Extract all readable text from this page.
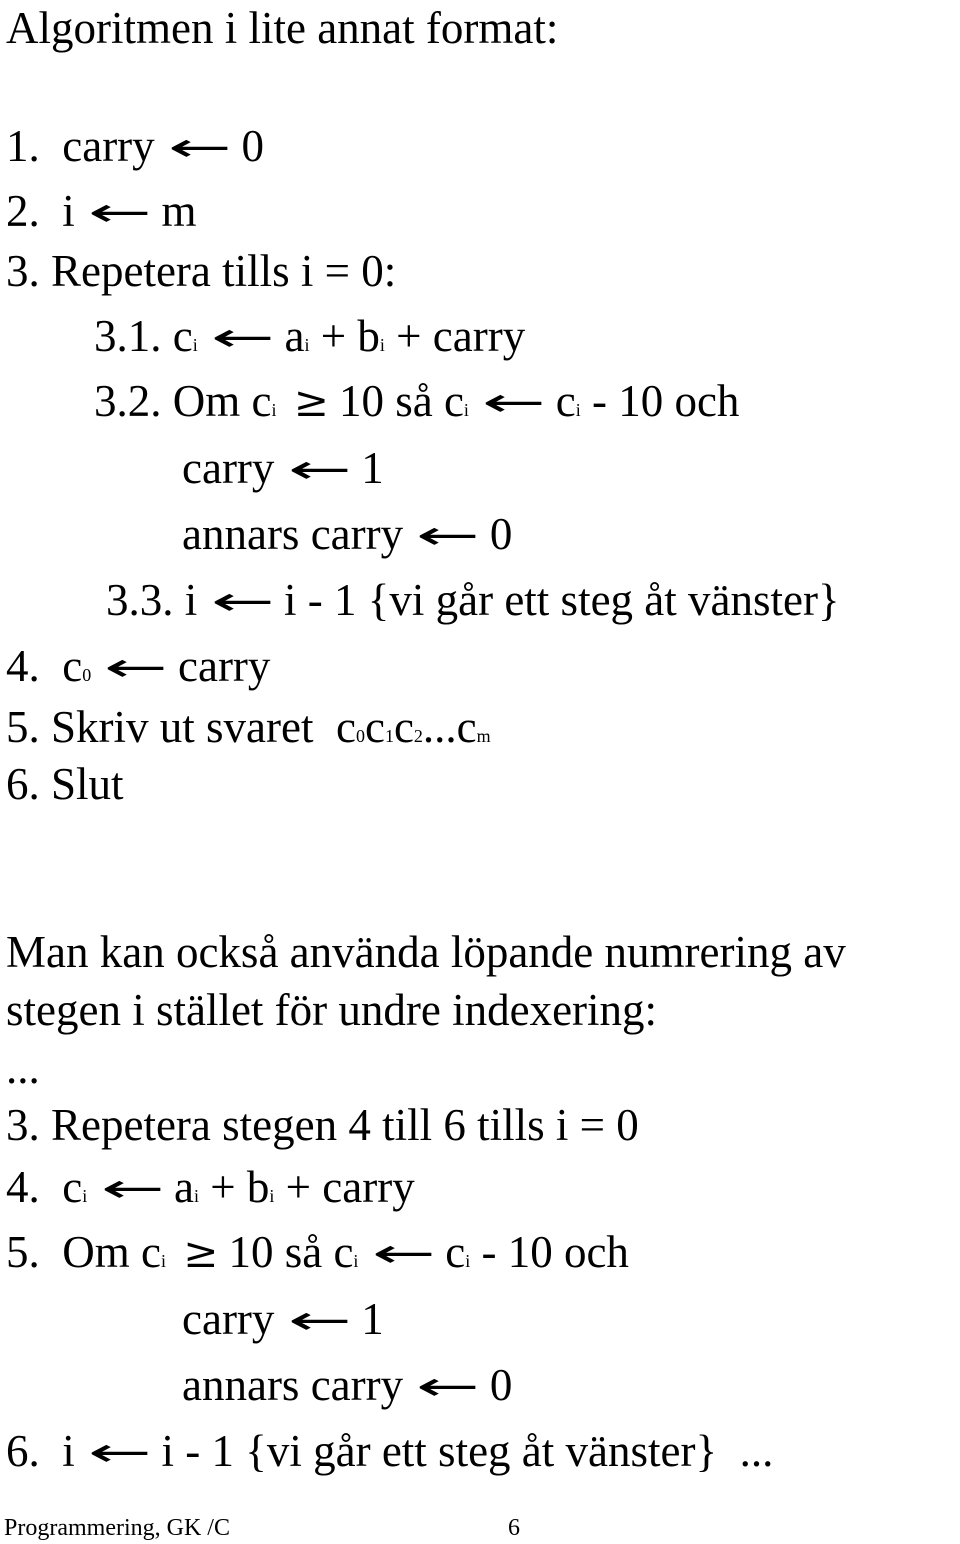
Algoritmen i lite annat format:
1. carry ← 0
2. i ← m
3. Repetera tills i = 0:
3.1. ci ← ai + bi + carry
3.2. Om ci ≥ 10 så ci ← ci - 10 och
carry ← 1
annars carry ← 0
3.3. i ← i - 1 {vi går ett steg åt vänster}
4. c0 ← carry
5. Skriv ut svaret c0c1c2...cm
6. Slut
Man kan också använda löpande numrering av
stegen i stället för undre indexering:
...
3. Repetera stegen 4 till 6 tills i = 0
4. ci ← ai + bi + carry
5. Om ci ≥ 10 så ci ← ci - 10 och
carry ← 1
annars carry ← 0
6. i ← i - 1 {vi går ett steg åt vänster} ...
Programmering, GK /C	6
